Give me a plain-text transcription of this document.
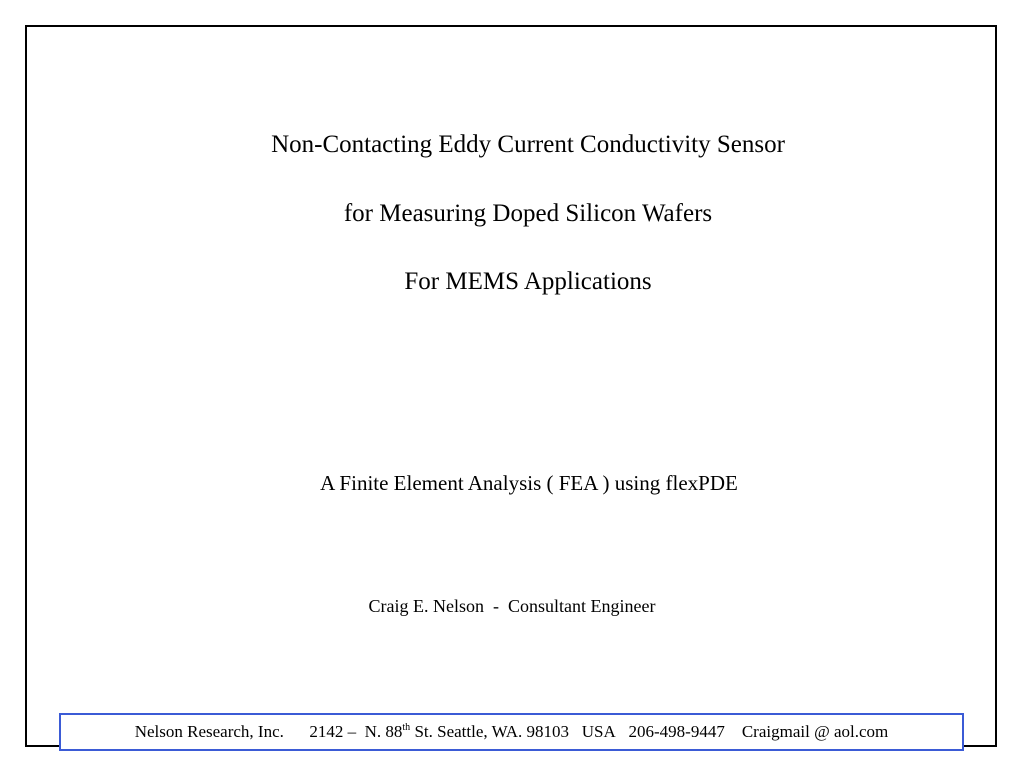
Non-Contacting Eddy Current Conductivity Sensor
for Measuring Doped Silicon Wafers
For MEMS Applications
A Finite Element Analysis ( FEA ) using flexPDE
Craig E. Nelson  -  Consultant Engineer
Nelson Research, Inc.
2142 –  N. 88th St. Seattle, WA. 98103   USA
206-498-9447
Craigmail @ aol.com
